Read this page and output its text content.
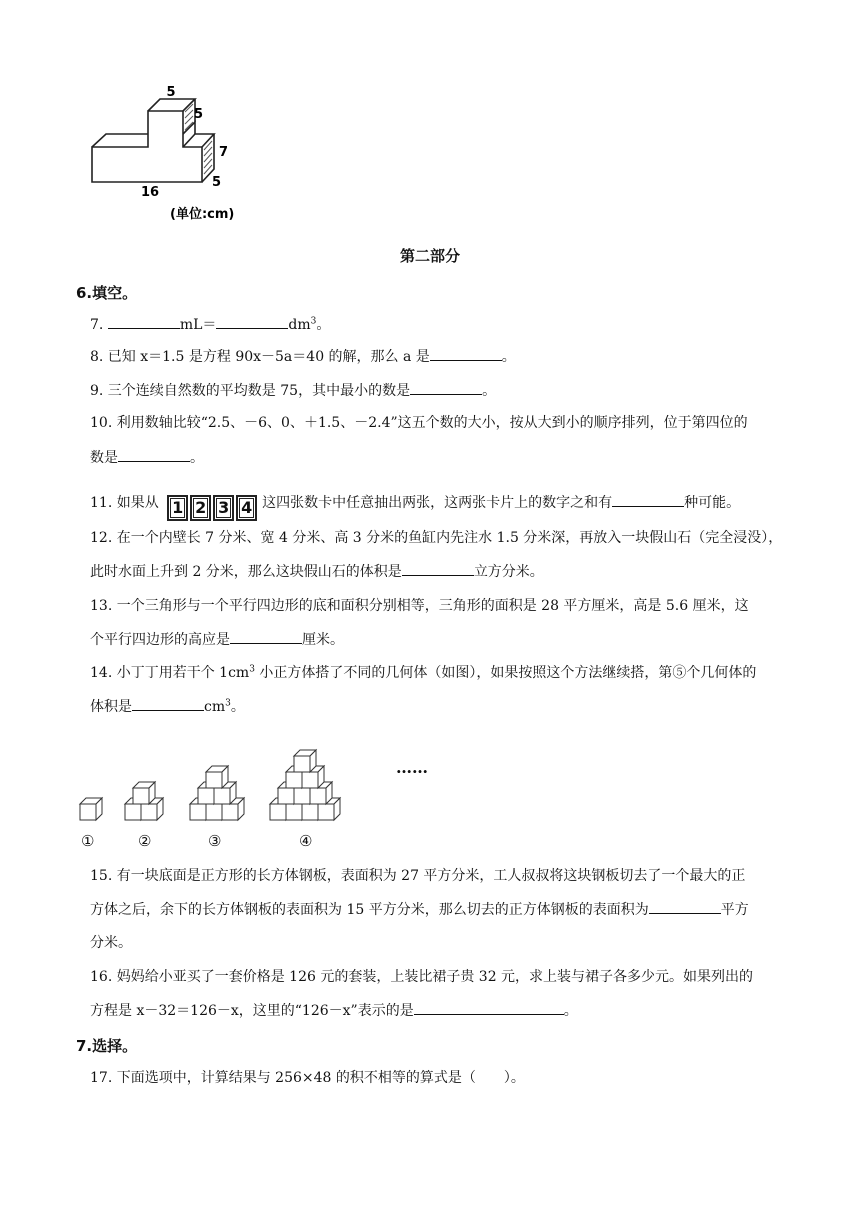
5
5
7
5
16
(单位:cm)
第二部分
6.填空。
7.	mL＝	$dm^3$。
8. 已知 x＝1.5 是方程 90x－5a＝40 的解，那么 a 是	。
9. 三个连续自然数的平均数是 75，其中最小的数是	。
10. 利用数轴比较“2.5、－6、0、＋1.5、－2.4”这五个数的大小，按从大到小的顺序排列，位于第四位的
数是	。
11. 如果从 1 2 3 4 这四张数卡中任意抽出两张，这两张卡片上的数字之和有	种可能。
12. 在一个内壁长 7 分米、宽 4 分米、高 3 分米的鱼缸内先注水 1.5 分米深，再放入一块假山石（完全浸没），
此时水面上升到 2 分米，那么这块假山石的体积是	立方分米。
13. 一个三角形与一个平行四边形的底和面积分别相等，三角形的面积是 28 平方厘米，高是 5.6 厘米，这
个平行四边形的高应是	厘米。
14. 小丁丁用若干个 $1cm^3$ 小正方体搭了不同的几何体（如图），如果按照这个方法继续搭，第⑤个几何体的
体积是	$cm^3$。
……
①	②	③	④
15. 有一块底面是正方形的长方体钢板，表面积为 27 平方分米，工人叔叔将这块钢板切去了一个最大的正
方体之后，余下的长方体钢板的表面积为 15 平方分米，那么切去的正方体钢板的表面积为	平方
分米。
16. 妈妈给小亚买了一套价格是 126 元的套装，上装比裙子贵 32 元，求上装与裙子各多少元。如果列出的
方程是 x－32＝126－x，这里的“126－x”表示的是	。
7.选择。
17. 下面选项中，计算结果与 256×48 的积不相等的算式是（　　）。
